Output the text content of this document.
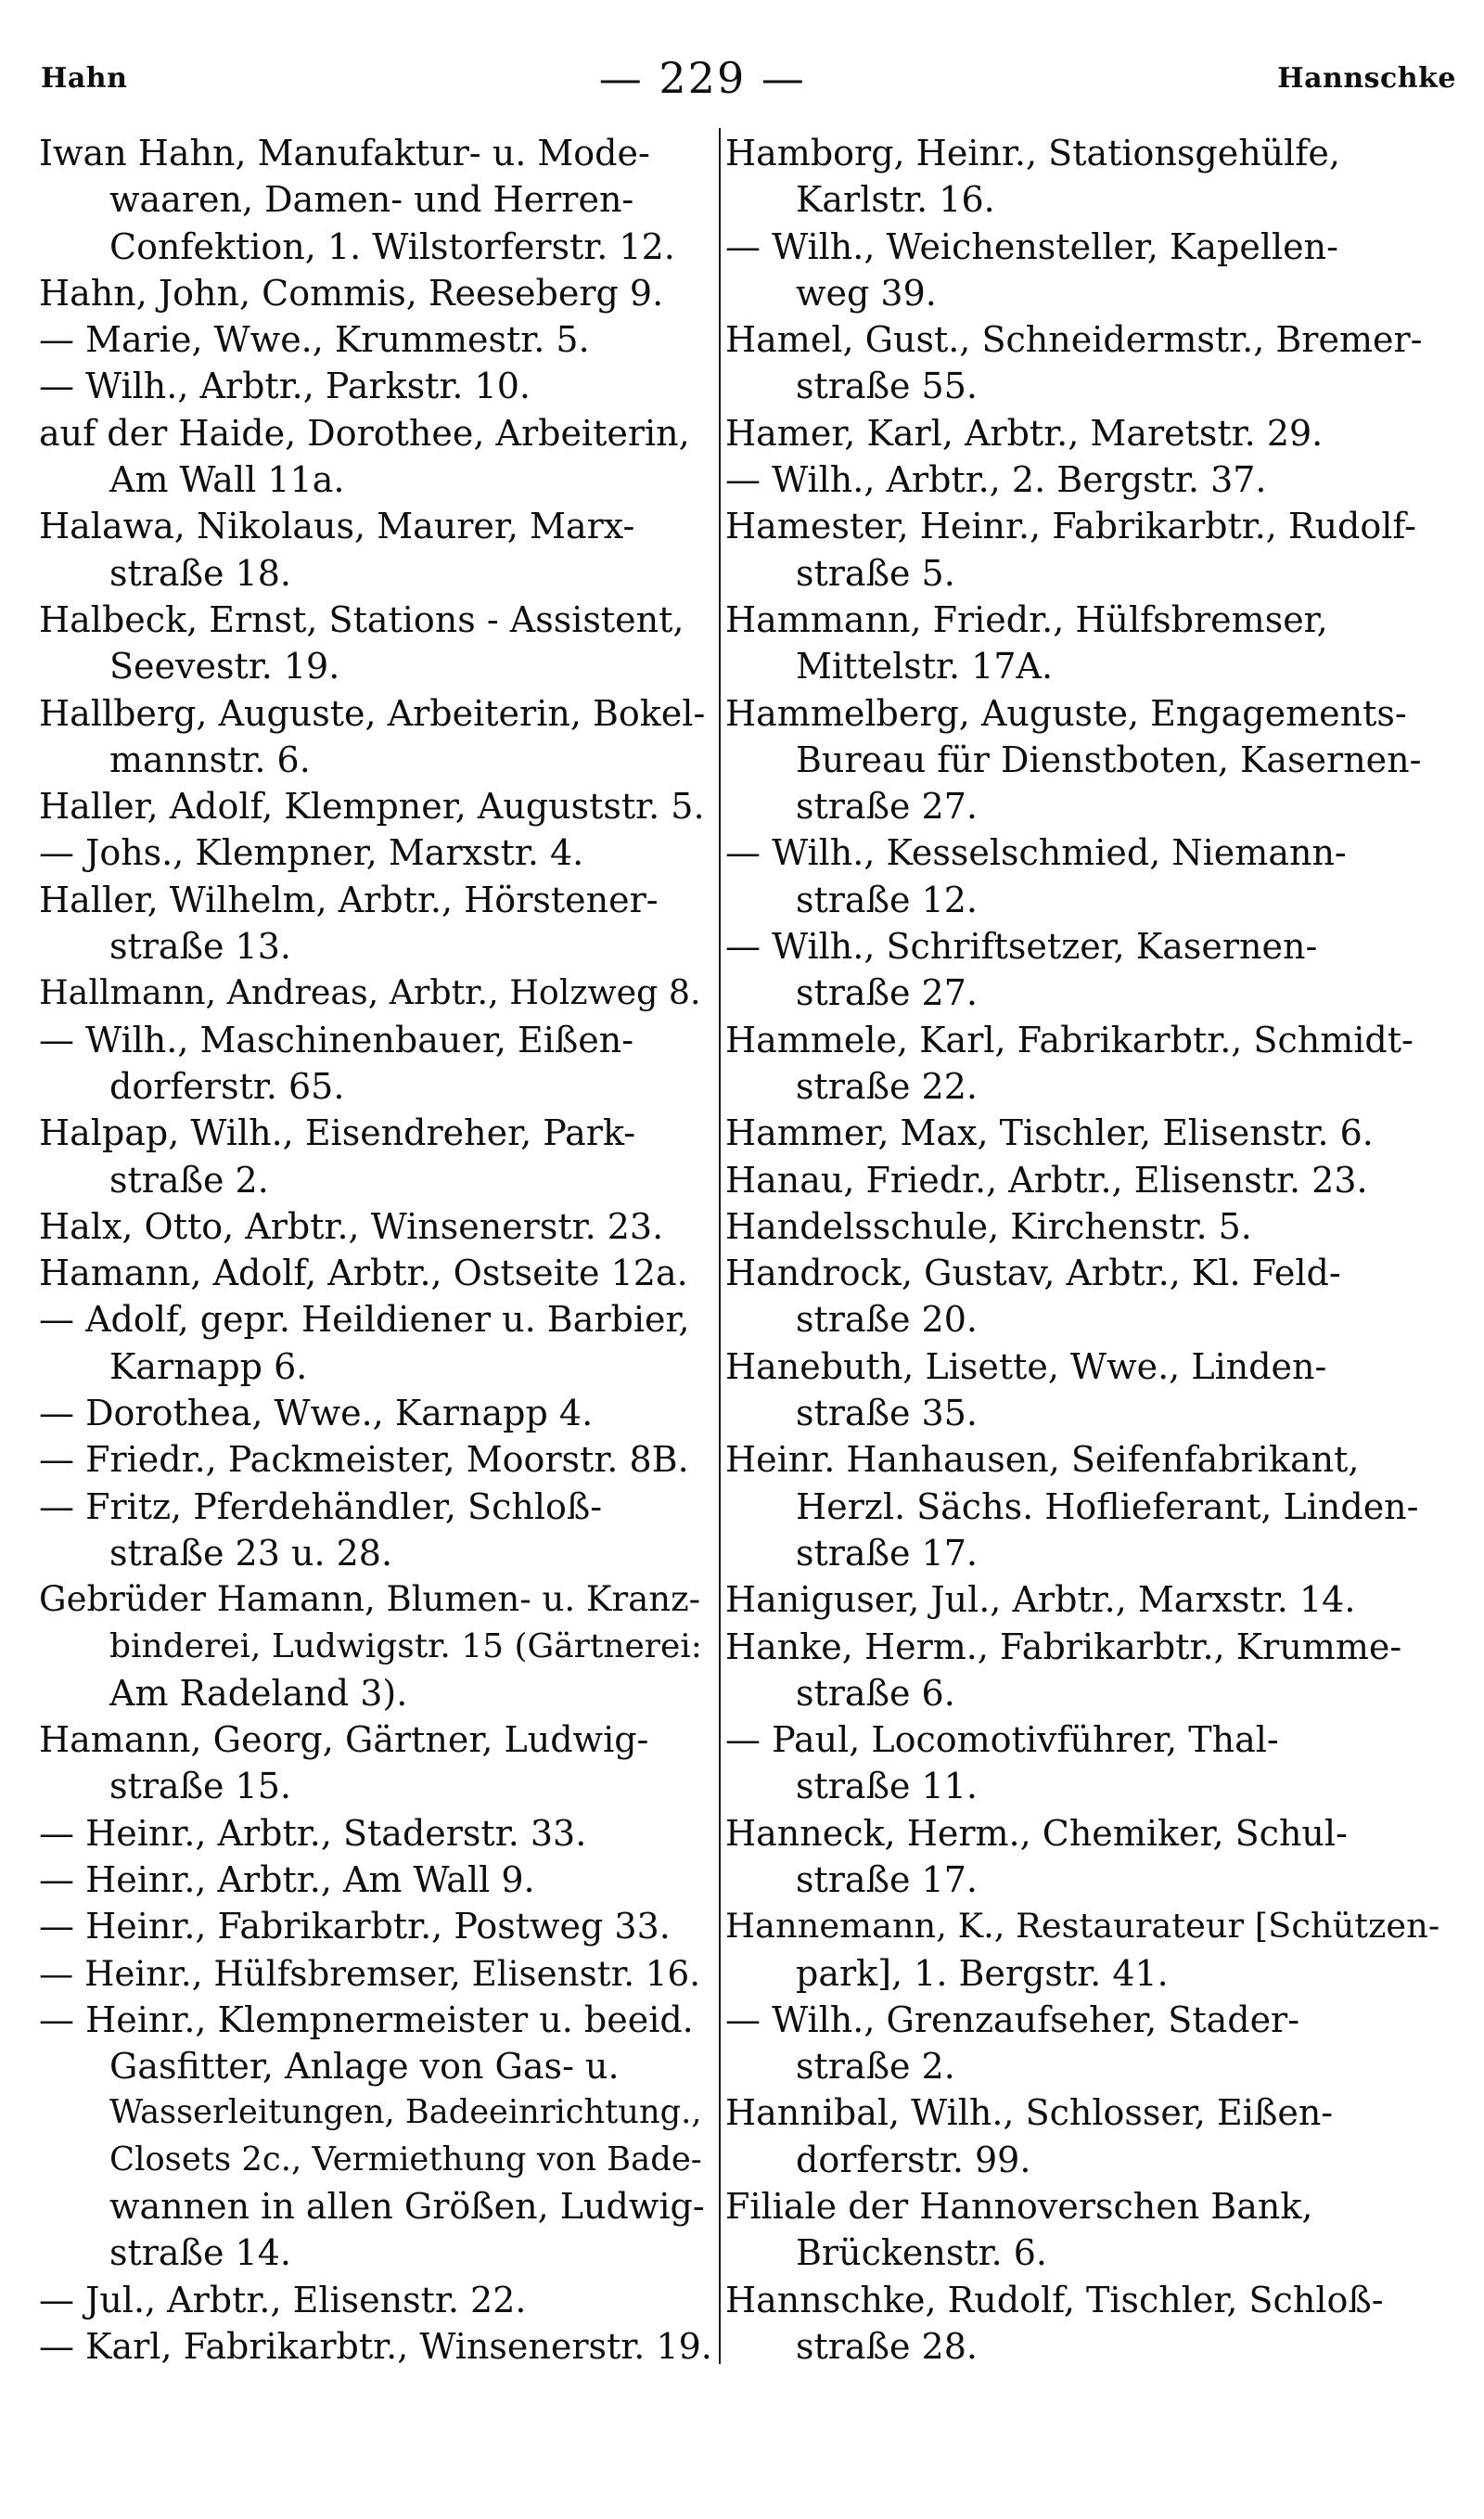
Hahn	— 229 —	Hannschke
Iwan Hahn, Manufaktur- u. Mode-
waaren, Damen- und Herren-
Confektion, 1. Wilstorferstr. 12.
Hahn, John, Commis, Reeseberg 9.
— Marie, Wwe., Krummestr. 5.
— Wilh., Arbtr., Parkstr. 10.
auf der Haide, Dorothee, Arbeiterin,
Am Wall 11a.
Halawa, Nikolaus, Maurer, Marx-
straße 18.
Halbeck, Ernst, Stations - Assistent,
Seevestr. 19.
Hallberg, Auguste, Arbeiterin, Bokel-
mannstr. 6.
Haller, Adolf, Klempner, Auguststr. 5.
— Johs., Klempner, Marxstr. 4.
Haller, Wilhelm, Arbtr., Hörstener-
straße 13.
Hallmann, Andreas, Arbtr., Holzweg 8.
— Wilh., Maschinenbauer, Eißen-
dorferstr. 65.
Halpap, Wilh., Eisendreher, Park-
straße 2.
Halx, Otto, Arbtr., Winsenerstr. 23.
Hamann, Adolf, Arbtr., Ostseite 12a.
— Adolf, gepr. Heildiener u. Barbier,
Karnapp 6.
— Dorothea, Wwe., Karnapp 4.
— Friedr., Packmeister, Moorstr. 8B.
— Fritz, Pferdehändler, Schloß-
straße 23 u. 28.
Gebrüder Hamann, Blumen- u. Kranz-
binderei, Ludwigstr. 15 (Gärtnerei:
Am Radeland 3).
Hamann, Georg, Gärtner, Ludwig-
straße 15.
— Heinr., Arbtr., Staderstr. 33.
— Heinr., Arbtr., Am Wall 9.
— Heinr., Fabrikarbtr., Postweg 33.
— Heinr., Hülfsbremser, Elisenstr. 16.
— Heinr., Klempnermeister u. beeid.
Gasfitter, Anlage von Gas- u.
Wasserleitungen, Badeeinrichtung.,
Closets 2c., Vermiethung von Bade-
wannen in allen Größen, Ludwig-
straße 14.
— Jul., Arbtr., Elisenstr. 22.
— Karl, Fabrikarbtr., Winsenerstr. 19.
Hamborg, Heinr., Stationsgehülfe,
Karlstr. 16.
— Wilh., Weichensteller, Kapellen-
weg 39.
Hamel, Gust., Schneidermstr., Bremer-
straße 55.
Hamer, Karl, Arbtr., Maretstr. 29.
— Wilh., Arbtr., 2. Bergstr. 37.
Hamester, Heinr., Fabrikarbtr., Rudolf-
straße 5.
Hammann, Friedr., Hülfsbremser,
Mittelstr. 17A.
Hammelberg, Auguste, Engagements-
Bureau für Dienstboten, Kasernen-
straße 27.
— Wilh., Kesselschmied, Niemann-
straße 12.
— Wilh., Schriftsetzer, Kasernen-
straße 27.
Hammele, Karl, Fabrikarbtr., Schmidt-
straße 22.
Hammer, Max, Tischler, Elisenstr. 6.
Hanau, Friedr., Arbtr., Elisenstr. 23.
Handelsschule, Kirchenstr. 5.
Handrock, Gustav, Arbtr., Kl. Feld-
straße 20.
Hanebuth, Lisette, Wwe., Linden-
straße 35.
Heinr. Hanhausen, Seifenfabrikant,
Herzl. Sächs. Hoflieferant, Linden-
straße 17.
Haniguser, Jul., Arbtr., Marxstr. 14.
Hanke, Herm., Fabrikarbtr., Krumme-
straße 6.
— Paul, Locomotivführer, Thal-
straße 11.
Hanneck, Herm., Chemiker, Schul-
straße 17.
Hannemann, K., Restaurateur [Schützen-
park], 1. Bergstr. 41.
— Wilh., Grenzaufseher, Stader-
straße 2.
Hannibal, Wilh., Schlosser, Eißen-
dorferstr. 99.
Filiale der Hannoverschen Bank,
Brückenstr. 6.
Hannschke, Rudolf, Tischler, Schloß-
straße 28.
